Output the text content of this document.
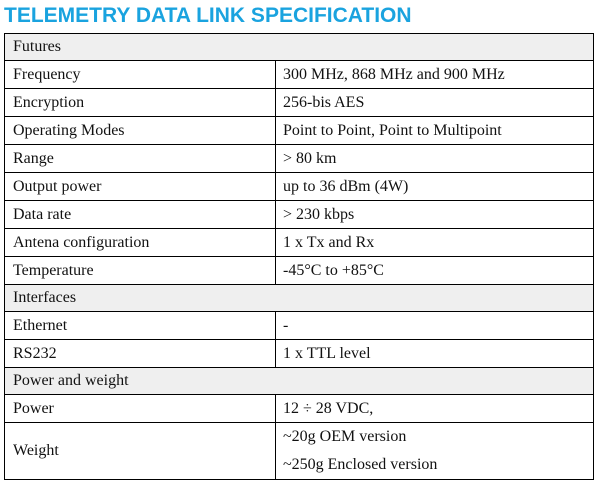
TELEMETRY DATA LINK SPECIFICATION
Futures	
Frequency	300 MHz, 868 MHz and 900 MHz
Encryption	256-bis AES
Operating Modes	Point to Point, Point to Multipoint
Range	> 80 km
Output power	up to 36 dBm (4W)
Data rate	> 230 kbps
Antena configuration	1 x Tx and Rx
Temperature	-45°C to +85°C
Interfaces	
Ethernet	-
RS232	1 x TTL level
Power and weight	
Power	12 ÷ 28 VDC,
Weight	~20g OEM version
~250g Enclosed version
